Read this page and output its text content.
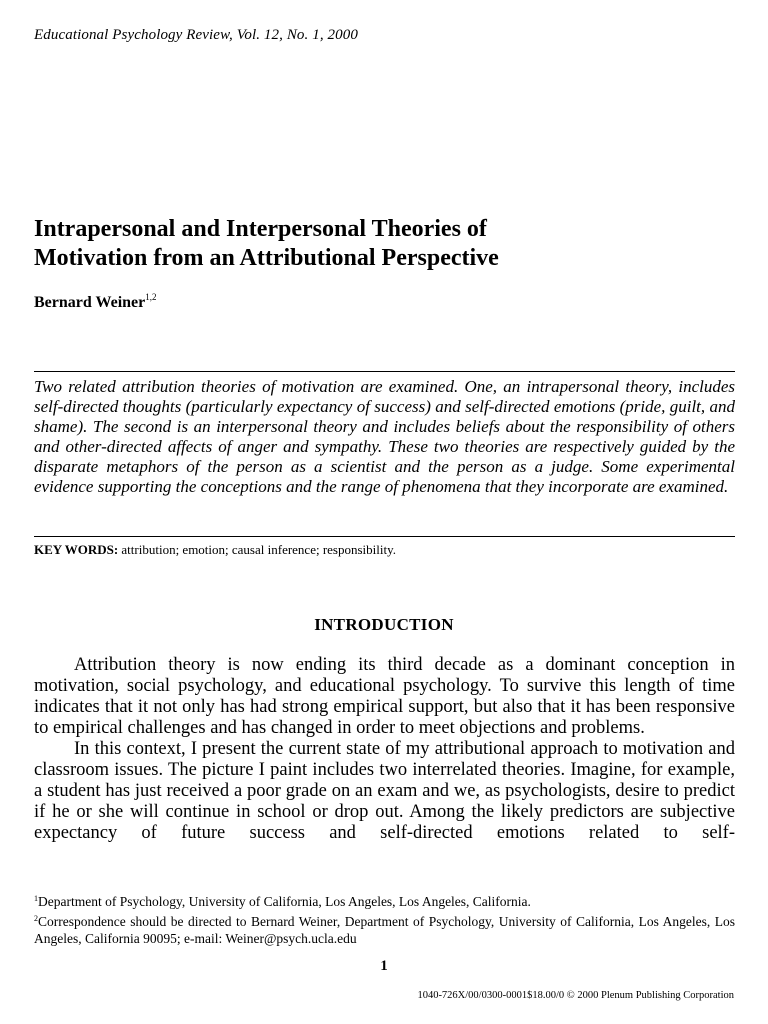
Educational Psychology Review, Vol. 12, No. 1, 2000
Intrapersonal and Interpersonal Theories of
Motivation from an Attributional Perspective
Bernard Weiner$^{1,2}$
Two related attribution theories of motivation are examined. One, an intrapersonal theory, includes self-directed thoughts (particularly expectancy of success) and self-directed emotions (pride, guilt, and shame). The second is an interpersonal theory and includes beliefs about the responsibility of others and other-directed affects of anger and sympathy. These two theories are respectively guided by the disparate metaphors of the person as a scientist and the person as a judge. Some experimental evidence supporting the conceptions and the range of phenomena that they incorporate are examined.
KEY WORDS: attribution; emotion; causal inference; responsibility.
INTRODUCTION

Attribution theory is now ending its third decade as a dominant conception in motivation, social psychology, and educational psychology. To survive this length of time indicates that it not only has had strong empirical support, but also that it has been responsive to empirical challenges and has changed in order to meet objections and problems.

In this context, I present the current state of my attributional approach to motivation and classroom issues. The picture I paint includes two interrelated theories. Imagine, for example, a student has just received a poor grade on an exam and we, as psychologists, desire to predict if he or she will continue in school or drop out. Among the likely predictors are subjective expectancy of future success and self-directed emotions related to self-

$^1$Department of Psychology, University of California, Los Angeles, Los Angeles, California.

$^2$Correspondence should be directed to Bernard Weiner, Department of Psychology, University of California, Los Angeles, Los Angeles, California 90095; e-mail: Weiner@psych.ucla.edu

1
1040-726X/00/0300-0001$18.00/0 © 2000 Plenum Publishing Corporation
